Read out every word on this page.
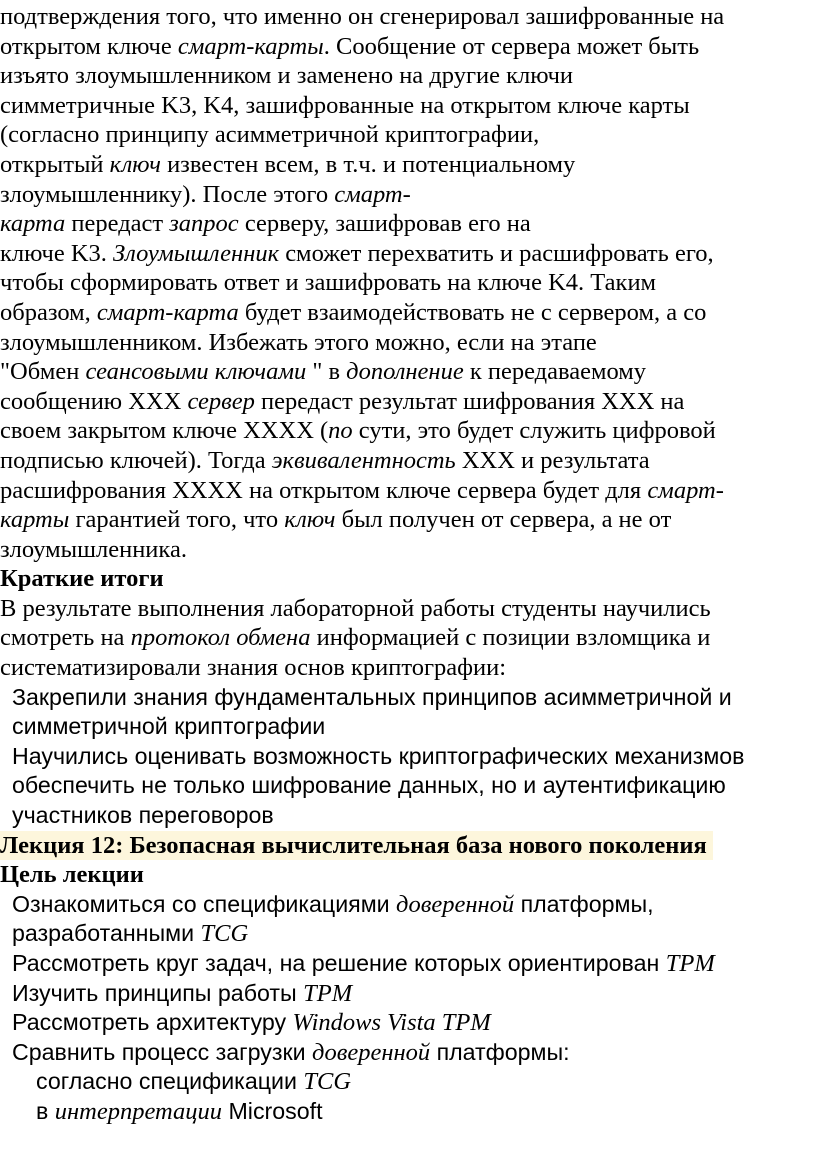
подтверждения того, что именно он сгенерировал зашифрованные на
открытом ключе смарт-карты. Сообщение от сервера может быть
изъято злоумышленником и заменено на другие ключи
симметричные K3, K4, зашифрованные на открытом ключе карты
(согласно принципу асимметричной криптографии,
открытый ключ известен всем, в т.ч. и потенциальному
злоумышленнику). После этого смарт-
карта передаст запрос серверу, зашифровав его на
ключе K3. Злоумышленник сможет перехватить и расшифровать его,
чтобы сформировать ответ и зашифровать на ключе K4. Таким
образом, смарт-карта будет взаимодействовать не с сервером, а со
злоумышленником. Избежать этого можно, если на этапе
"Обмен сеансовыми ключами " в дополнение к передаваемому
сообщению XXX сервер передаст результат шифрования XXX на
своем закрытом ключе XXXX (по сути, это будет служить цифровой
подписью ключей). Тогда эквивалентность XXX и результата
расшифрования XXXX на открытом ключе сервера будет для смарт-
карты гарантией того, что ключ был получен от сервера, а не от
злоумышленника.
Краткие итоги
В результате выполнения лабораторной работы студенты научились
смотреть на протокол обмена информацией с позиции взломщика и
систематизировали знания основ криптографии:
Закрепили знания фундаментальных принципов асимметричной и
симметричной криптографии
Научились оценивать возможность криптографических механизмов
обеспечить не только шифрование данных, но и аутентификацию
участников переговоров
Лекция 12: Безопасная вычислительная база нового поколения
Цель лекции
Ознакомиться со спецификациями доверенной платформы,
разработанными TCG
Рассмотреть круг задач, на решение которых ориентирован TPM
Изучить принципы работы TPM
Рассмотреть архитектуру Windows Vista TPM
Сравнить процесс загрузки доверенной платформы:
согласно спецификации TCG
в интерпретации Microsoft
